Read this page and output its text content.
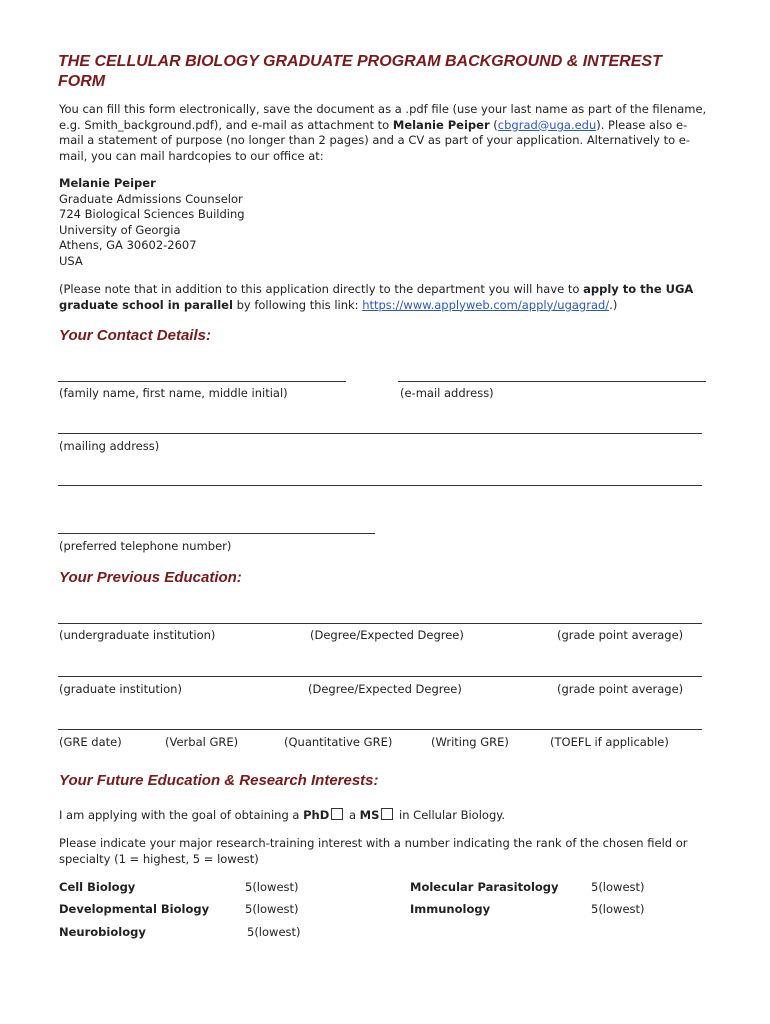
THE CELLULAR BIOLOGY GRADUATE PROGRAM BACKGROUND & INTEREST FORM

You can fill this form electronically, save the document as a .pdf file (use your last name as part of the filename, e.g. Smith_background.pdf), and e-mail as attachment to Melanie Peiper (cbgrad@uga.edu). Please also e-mail a statement of purpose (no longer than 2 pages) and a CV as part of your application. Alternatively to e-mail, you can mail hardcopies to our office at:

Melanie Peiper
Graduate Admissions Counselor
724 Biological Sciences Building
University of Georgia
Athens, GA 30602-2607
USA

(Please note that in addition to this application directly to the department you will have to apply to the UGA graduate school in parallel by following this link: https://www.applyweb.com/apply/ugagrad/.)

Your Contact Details:
(family name, first name, middle initial)	(e-mail address)
(mailing address)
(preferred telephone number)
Your Previous Education:
(undergraduate institution)	(Degree/Expected Degree)	(grade point average)
(graduate institution)	(Degree/Expected Degree)	(grade point average)
(GRE date)	(Verbal GRE)	(Quantitative GRE)	(Writing GRE)	(TOEFL if applicable)
Your Future Education & Research Interests:
I am applying with the goal of obtaining a PhD a MS in Cellular Biology.

Please indicate your major research-training interest with a number indicating the rank of the chosen field or specialty (1 = highest, 5 = lowest)

Cell Biology	5(lowest)	Molecular Parasitology	5(lowest)
Developmental Biology	5(lowest)	Immunology	5(lowest)
Neurobiology	5(lowest)
